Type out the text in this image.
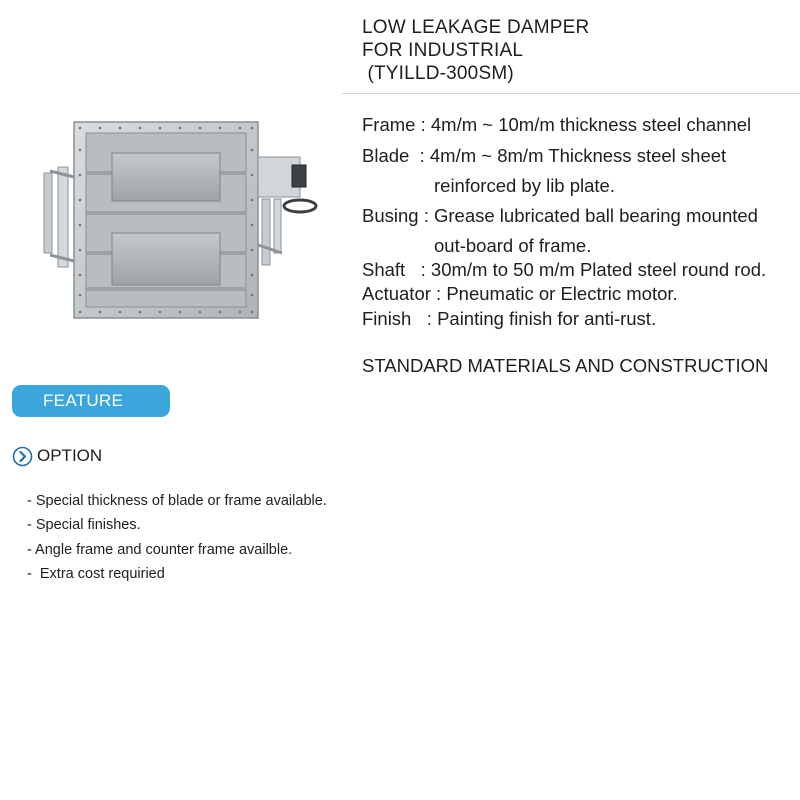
LOW LEAKAGE DAMPER
FOR INDUSTRIAL
(TYILLD-300SM)
Frame : 4m/m ~ 10m/m thickness steel channel
Blade  : 4m/m ~ 8m/m Thickness steel sheet
reinforced by lib plate.
Busing : Grease lubricated ball bearing mounted
out-board of frame.
Shaft   : 30m/m to 50 m/m Plated steel round rod.
Actuator : Pneumatic or Electric motor.
Finish   : Painting finish for anti-rust.
STANDARD MATERIALS AND CONSTRUCTION
FEATURE
OPTION
- Special thickness of blade or frame available.
- Special finishes.
- Angle frame and counter frame availble.
-  Extra cost requiried
